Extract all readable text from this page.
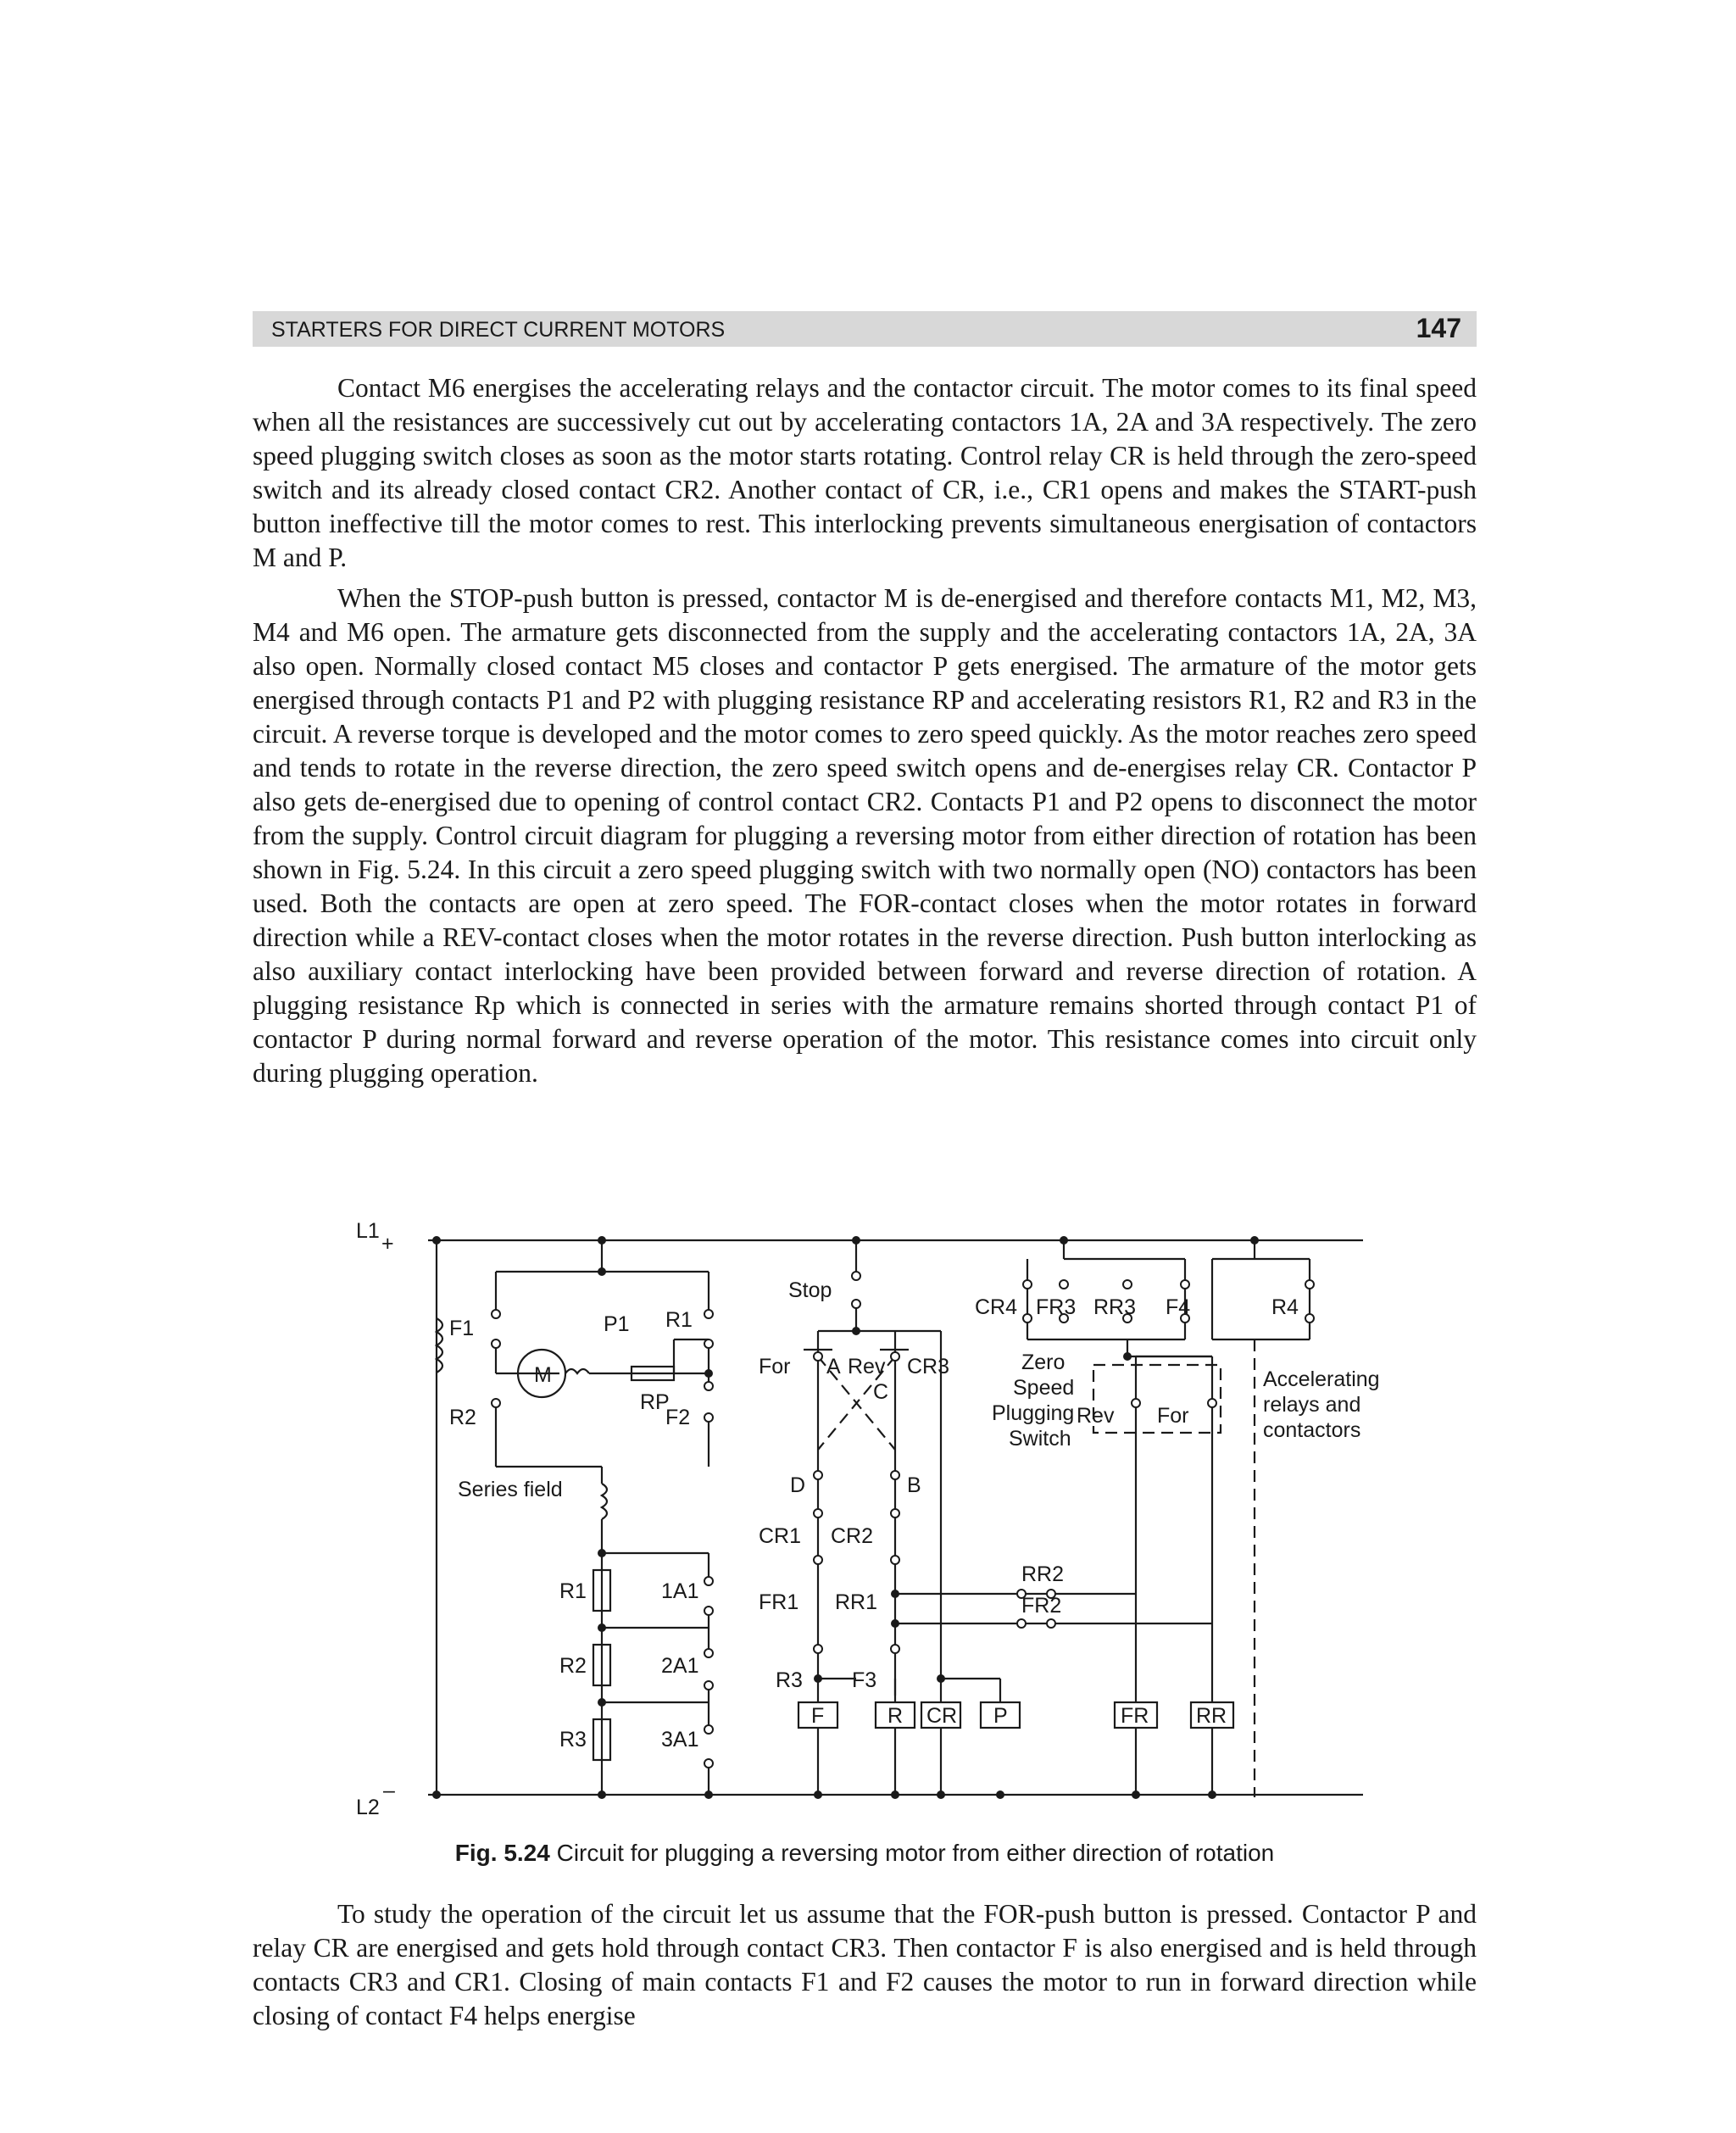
STARTERS FOR DIRECT CURRENT MOTORS	147

Contact M6 energises the accelerating relays and the contactor circuit. The motor comes to its final speed when all the resistances are successively cut out by accelerating contactors 1A, 2A and 3A respectively. The zero speed plugging switch closes as soon as the motor starts rotating. Control relay CR is held through the zero-speed switch and its already closed contact CR2. Another contact of CR, i.e., CR1 opens and makes the START-push button ineffective till the motor comes to rest. This interlocking prevents simultaneous energisation of contactors M and P.

When the STOP-push button is pressed, contactor M is de-energised and therefore contacts M1, M2, M3, M4 and M6 open. The armature gets disconnected from the supply and the accelerating contactors 1A, 2A, 3A also open. Normally closed contact M5 closes and contactor P gets energised. The armature of the motor gets energised through contacts P1 and P2 with plugging resistance RP and accelerating resistors R1, R2 and R3 in the circuit. A reverse torque is developed and the motor comes to zero speed quickly. As the motor reaches zero speed and tends to rotate in the reverse direction, the zero speed switch opens and de-energises relay CR. Contactor P also gets de-energised due to opening of control contact CR2. Contacts P1 and P2 opens to disconnect the motor from the supply. Control circuit diagram for plugging a reversing motor from either direction of rotation has been shown in Fig. 5.24. In this circuit a zero speed plugging switch with two normally open (NO) contactors has been used. Both the contacts are open at zero speed. The FOR-contact closes when the motor rotates in forward direction while a REV-contact closes when the motor rotates in the reverse direction. Push button interlocking as also auxiliary contact interlocking have been provided between forward and reverse direction of rotation. A plugging resistance Rp which is connected in series with the armature remains shorted through contact P1 of contactor P during normal forward and reverse operation of the motor. This resistance comes into circuit only during plugging operation.

L1
+
L2
–
F1
R2
M
P1 R1
RP
F2
Series field
R1
R2
R3
1A1
2A1
3A1
Stop
For A Rev CR3
C
D	B
CR1 CR2
FR1 RR1
R3 F3
CR4 FR3 RR3 F4	R4
Zero
Speed
Plugging
Switch
Rev For
RR2
FR2
Accelerating
relays and
contactors
F	R CR P	FR RR
Fig. 5.24 Circuit for plugging a reversing motor from either direction of rotation

To study the operation of the circuit let us assume that the FOR-push button is pressed. Contactor P and relay CR are energised and gets hold through contact CR3. Then contactor F is also energised and is held through contacts CR3 and CR1. Closing of main contacts F1 and F2 causes the motor to run in forward direction while closing of contact F4 helps energise
